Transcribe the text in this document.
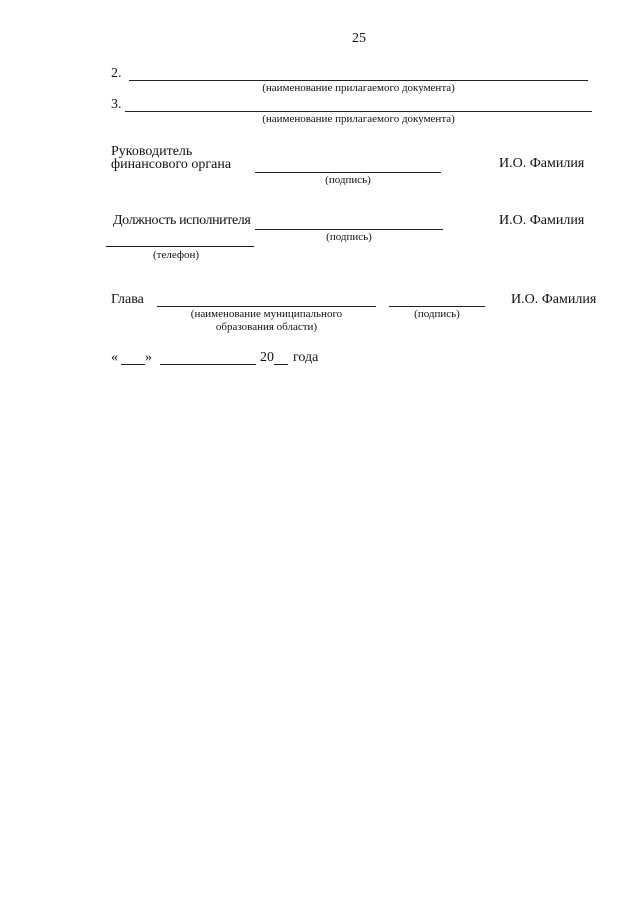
25
2.
(наименование прилагаемого документа)
3.
(наименование прилагаемого документа)
Руководитель
финансового органа
(подпись)
И.О. Фамилия
Должность исполнителя
(подпись)
И.О. Фамилия
(телефон)
Глава
(наименование муниципального образования области)
(подпись)
И.О. Фамилия
« »	20 года
